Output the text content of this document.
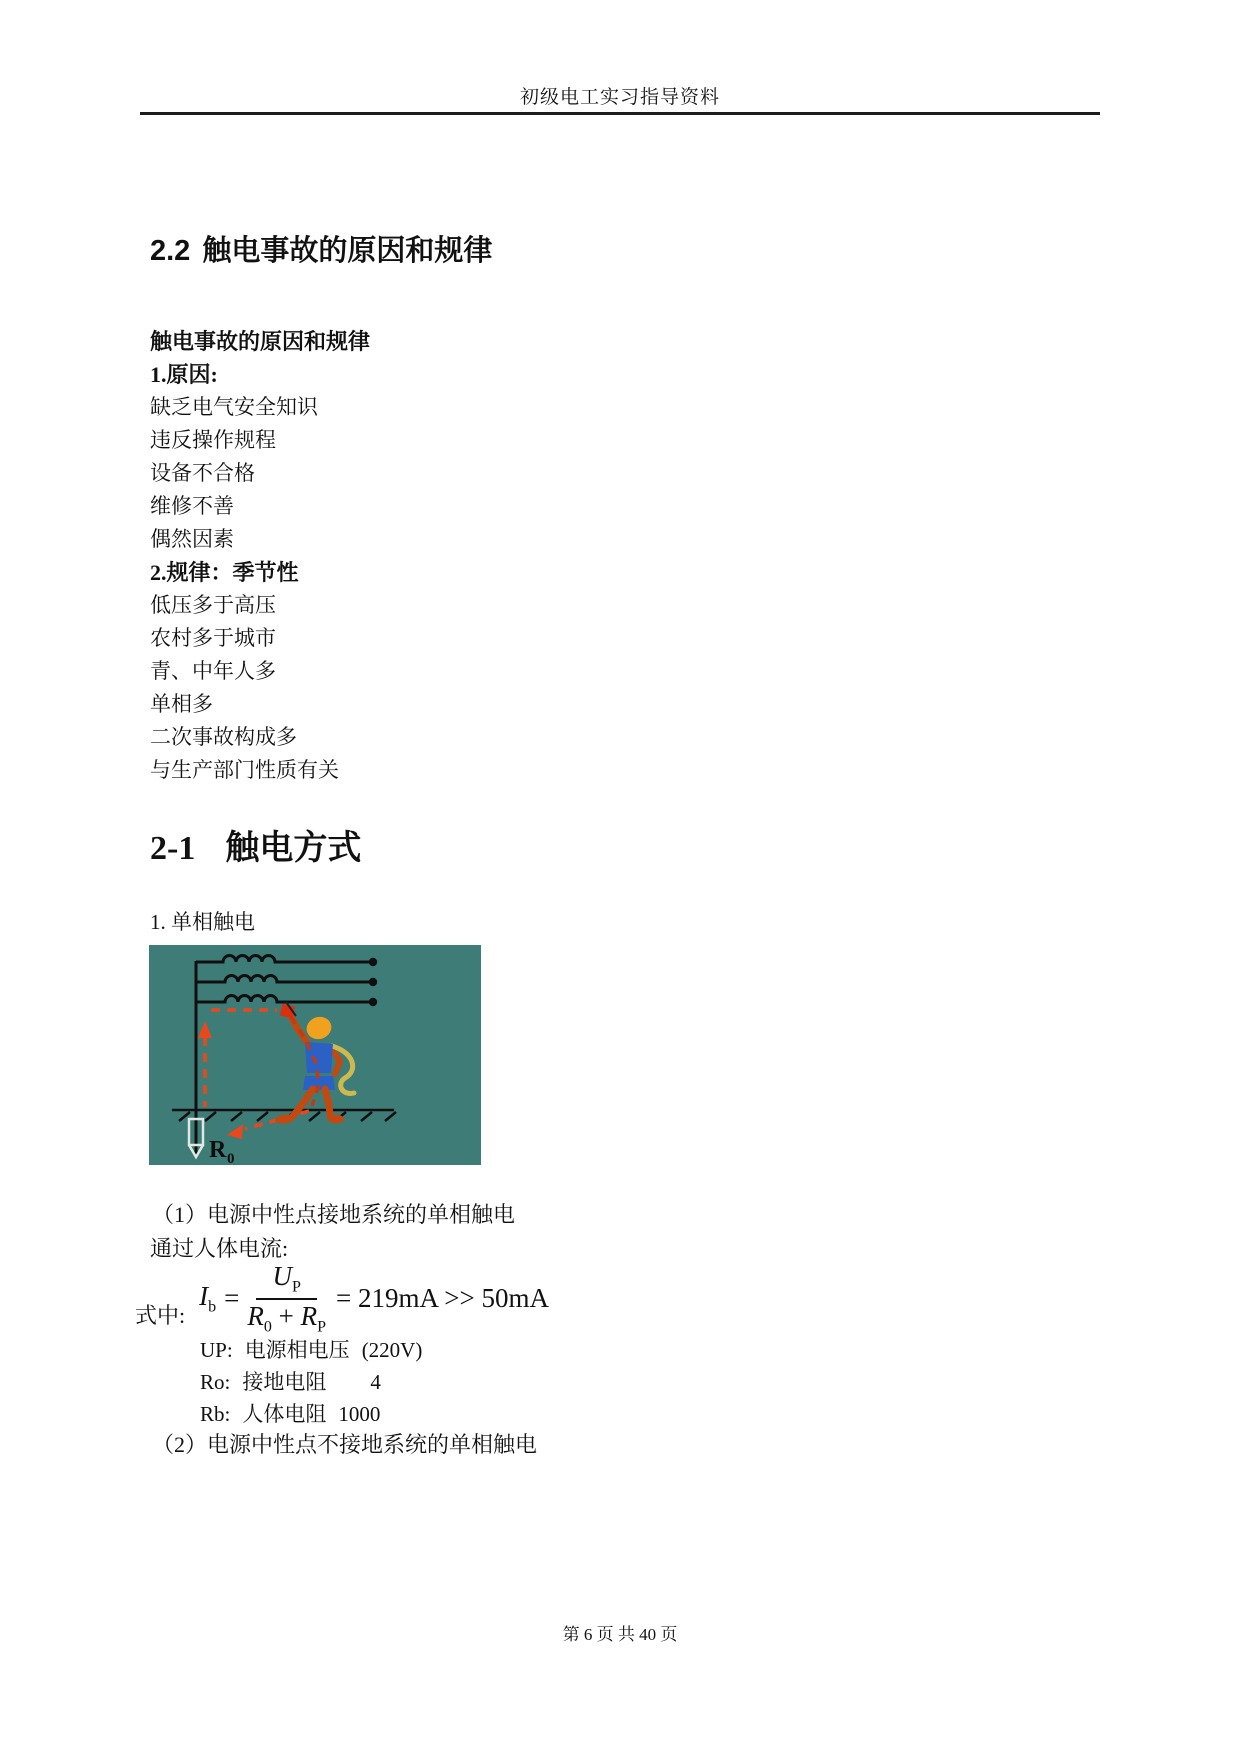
初级电工实习指导资料
2.2 触电事故的原因和规律
触电事故的原因和规律
1.原因:
缺乏电气安全知识
违反操作规程
设备不合格
维修不善
偶然因素
2.规律：季节性
低压多于高压
农村多于城市
青、中年人多
单相多
二次事故构成多
与生产部门性质有关
2-1 触电方式
1. 单相触电
R 0
（1）电源中性点接地系统的单相触电
通过人体电流:
式中:
$I_b = \frac{U_P}{R_0 + R_P} = 219mA >> 50mA$
UP: 电源相电压 (220V)
Ro: 接地电阻 4
Rb: 人体电阻 1000
（2）电源中性点不接地系统的单相触电
第 6 页 共 40 页
